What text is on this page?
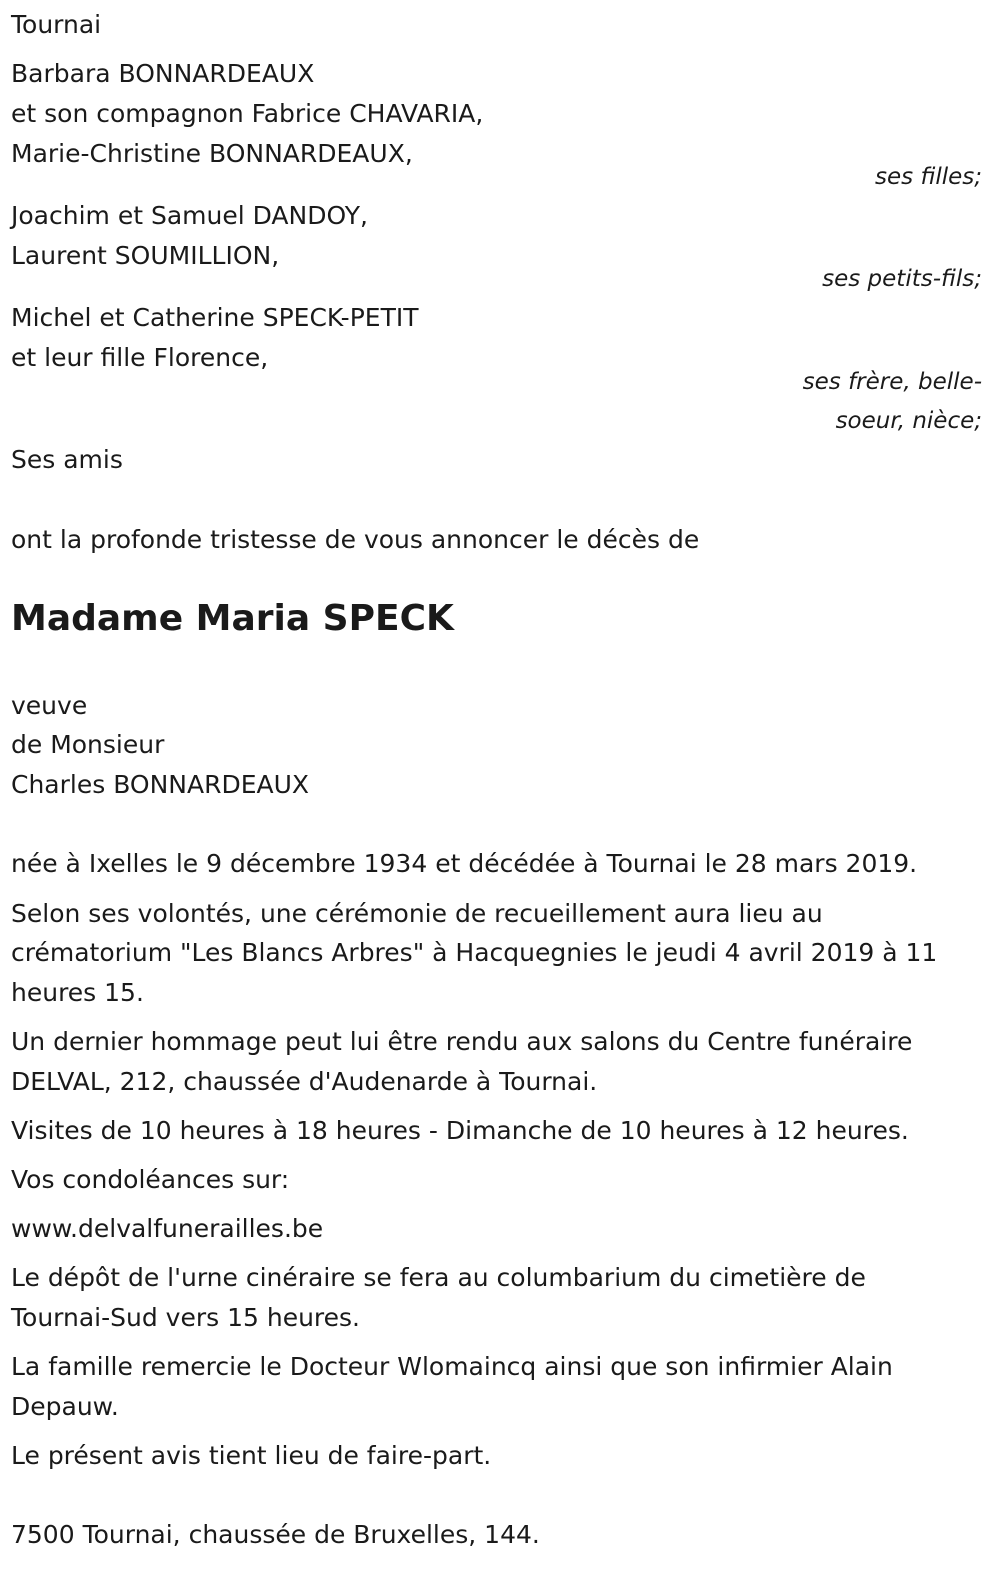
Tournai
Barbara BONNARDEAUX
et son compagnon Fabrice CHAVARIA,
Marie-Christine BONNARDEAUX,
ses filles;
Joachim et Samuel DANDOY,
Laurent SOUMILLION,
ses petits-fils;
Michel et Catherine SPECK-PETIT
et leur fille Florence,
ses frère, belle-
soeur, nièce;
Ses amis
ont la profonde tristesse de vous annoncer le décès de
Madame Maria SPECK
veuve
de Monsieur
Charles BONNARDEAUX
née à Ixelles le 9 décembre 1934 et décédée à Tournai le 28 mars 2019.
Selon ses volontés, une cérémonie de recueillement aura lieu au
crématorium "Les Blancs Arbres" à Hacquegnies le jeudi 4 avril 2019 à 11
heures 15.
Un dernier hommage peut lui être rendu aux salons du Centre funéraire
DELVAL, 212, chaussée d'Audenarde à Tournai.
Visites de 10 heures à 18 heures - Dimanche de 10 heures à 12 heures.
Vos condoléances sur:
www.delvalfunerailles.be
Le dépôt de l'urne cinéraire se fera au columbarium du cimetière de
Tournai-Sud vers 15 heures.
La famille remercie le Docteur Wlomaincq ainsi que son infirmier Alain
Depauw.
Le présent avis tient lieu de faire-part.
7500 Tournai, chaussée de Bruxelles, 144.
